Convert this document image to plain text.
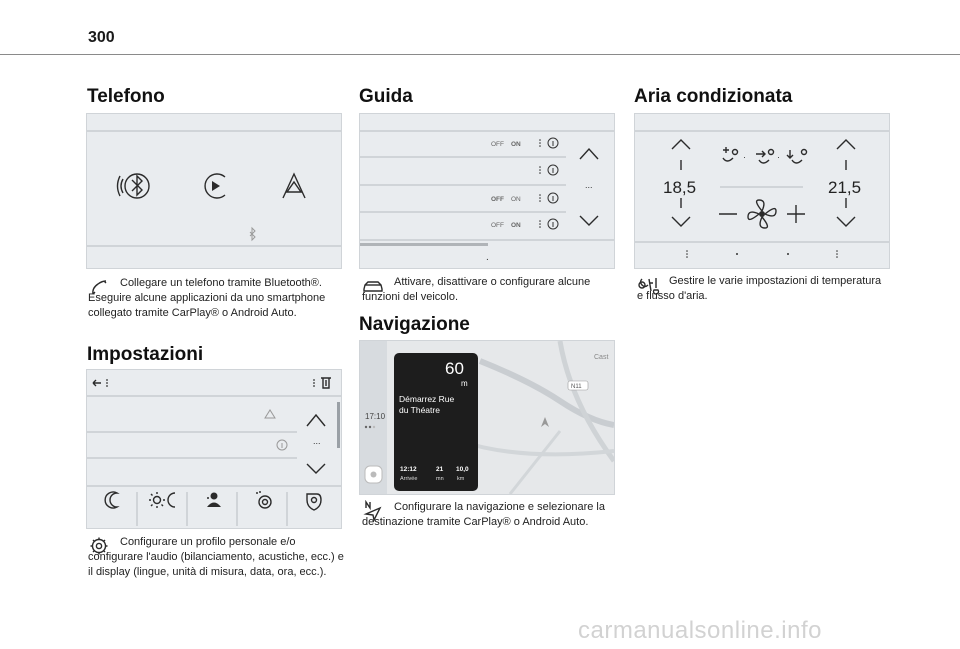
300
Telefono

Collegare un telefono tramite Bluetooth®. Eseguire alcune applicazioni da uno smartphone collegato tramite CarPlay® o Android Auto.

Impostazioni
...

Configurare un profilo personale e/o configurare l'audio (bilanciamento, acustiche, ecc.) e il display (lingue, unità di misura, data, ora, ecc.).

Guida
OFF ON
OFF ON
OFF ON
...
.

Attivare, disattivare o configurare alcune funzioni del veicolo.

Navigazione
17:10
Cast
N11
60
m
Démarrez Rue
du Théatre
12:12
Arrivée
21
mn
10,0
km

Configurare la navigazione e selezionare la destinazione tramite CarPlay® o Android Auto.

Aria condizionata
18,5	21,5
·	·

Gestire le varie impostazioni di temperatura e flusso d'aria.

carmanualsonline.info
